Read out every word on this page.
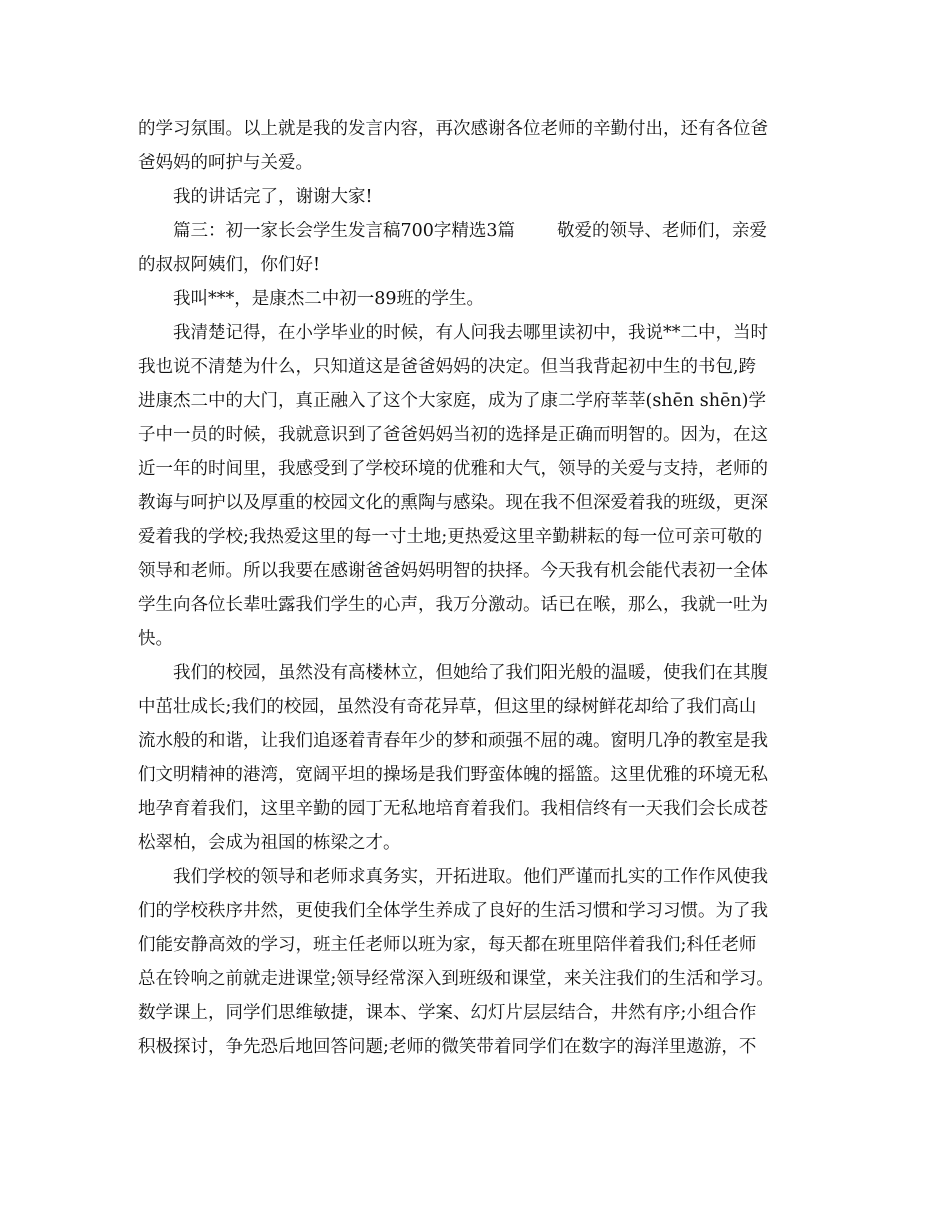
的学习氛围。以上就是我的发言内容，再次感谢各位老师的辛勤付出，还有各位爸
爸妈妈的呵护与关爱。
我的讲话完了，谢谢大家!
篇三：初一家长会学生发言稿700字精选3篇 敬爱的领导、老师们，亲爱
的叔叔阿姨们，你们好!
我叫***，是康杰二中初一89班的学生。
我清楚记得，在小学毕业的时候，有人问我去哪里读初中，我说**二中，当时
我也说不清楚为什么，只知道这是爸爸妈妈的决定。但当我背起初中生的书包,跨
进康杰二中的大门，真正融入了这个大家庭，成为了康二学府莘莘(shēn shēn)学
子中一员的时候，我就意识到了爸爸妈妈当初的选择是正确而明智的。因为，在这
近一年的时间里，我感受到了学校环境的优雅和大气，领导的关爱与支持，老师的
教诲与呵护以及厚重的校园文化的熏陶与感染。现在我不但深爱着我的班级，更深
爱着我的学校;我热爱这里的每一寸土地;更热爱这里辛勤耕耘的每一位可亲可敬的
领导和老师。所以我要在感谢爸爸妈妈明智的抉择。今天我有机会能代表初一全体
学生向各位长辈吐露我们学生的心声，我万分激动。话已在喉，那么，我就一吐为
快。
我们的校园，虽然没有高楼林立，但她给了我们阳光般的温暖，使我们在其腹
中茁壮成长;我们的校园，虽然没有奇花异草，但这里的绿树鲜花却给了我们高山
流水般的和谐，让我们追逐着青春年少的梦和顽强不屈的魂。窗明几净的教室是我
们文明精神的港湾，宽阔平坦的操场是我们野蛮体魄的摇篮。这里优雅的环境无私
地孕育着我们，这里辛勤的园丁无私地培育着我们。我相信终有一天我们会长成苍
松翠柏，会成为祖国的栋梁之才。
我们学校的领导和老师求真务实，开拓进取。他们严谨而扎实的工作作风使我
们的学校秩序井然，更使我们全体学生养成了良好的生活习惯和学习习惯。为了我
们能安静高效的学习，班主任老师以班为家，每天都在班里陪伴着我们;科任老师
总在铃响之前就走进课堂;领导经常深入到班级和课堂，来关注我们的生活和学习。
数学课上，同学们思维敏捷，课本、学案、幻灯片层层结合，井然有序;小组合作
积极探讨，争先恐后地回答问题;老师的微笑带着同学们在数字的海洋里遨游，不
